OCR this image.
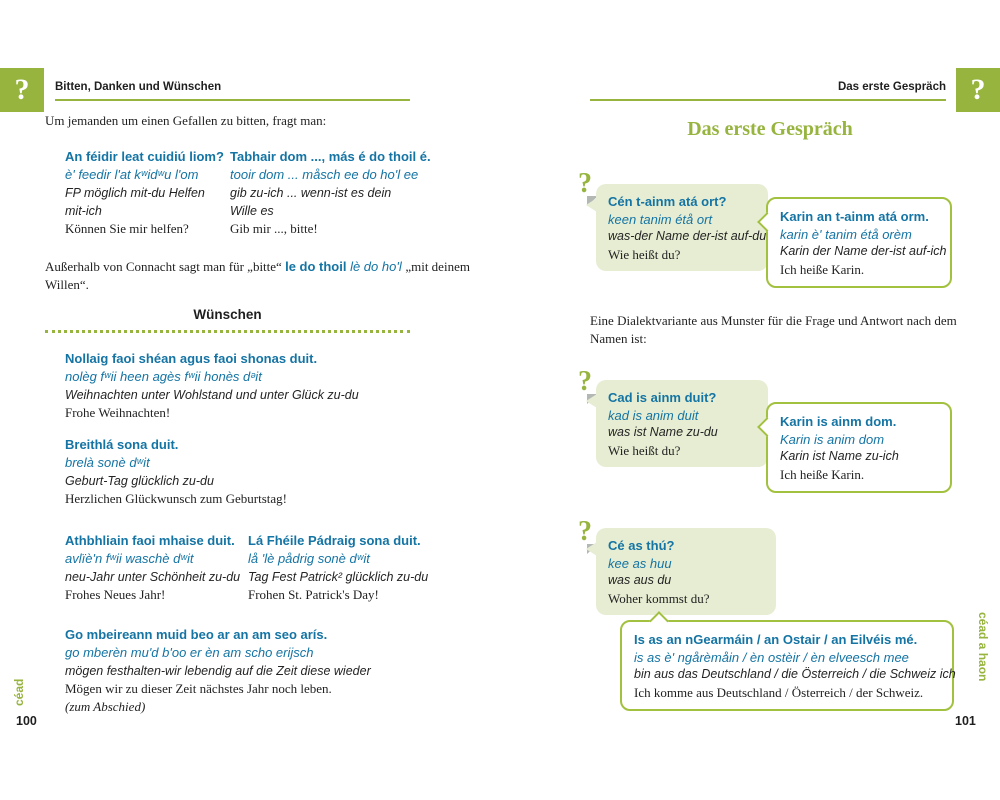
? Bitten, Danken und Wünschen
Um jemanden um einen Gefallen zu bitten, fragt man:
An féidir leat cuidiú liom?
è' feedir l'at kʷidʷu l'om
FP möglich mit-du Helfen
mit-ich
Können Sie mir helfen?
Tabhair dom ..., más é do thoil é.
tooir dom ... måsch ee do ho'l ee
gib zu-ich ... wenn-ist es dein
Wille es
Gib mir ..., bitte!
Außerhalb von Connacht sagt man für „bitte“ le do thoil lè do ho'l „mit deinem Willen“.
Wünschen
Nollaig faoi shéan agus faoi shonas duit.
nolèg fʷii heen agès fʷii honès dᵊit
Weihnachten unter Wohlstand und unter Glück zu-du
Frohe Weihnachten!
Breithlá sona duit.
brelà sonè dʷit
Geburt-Tag glücklich zu-du
Herzlichen Glückwunsch zum Geburtstag!
Athbhliain faoi mhaise duit.
avlïè'n fʷii waschè dʷit
neu-Jahr unter Schönheit zu-du
Frohes Neues Jahr!
Lá Fhéile Pádraig sona duit.
lå 'lè pådrig sonè dʷit
Tag Fest Patrick² glücklich zu-du
Frohen St. Patrick's Day!
Go mbeireann muid beo ar an am seo arís.
go mberèn mu'd b'oo er èn am scho erijsch
mögen festhalten-wir lebendig auf die Zeit diese wieder
Mögen wir zu dieser Zeit nächstes Jahr noch leben.
(zum Abschied)
céad
100
?
Das erste Gespräch
Das erste Gespräch
?
Cén t-ainm atá ort?
keen tanim étå ort
was-der Name der-ist auf-du
Wie heißt du?
Karin an t-ainm atá orm.
karin è' tanim étå orèm
Karin der Name der-ist auf-ich
Ich heiße Karin.
Eine Dialektvariante aus Munster für die Frage und Antwort nach dem Namen ist:
?
Cad is ainm duit?
kad is anim duit
was ist Name zu-du
Wie heißt du?
Karin is ainm dom.
Karin is anim dom
Karin ist Name zu-ich
Ich heiße Karin.
?	Cé as thú?
kee as huu
was aus du
Woher kommst du?
Is as an nGearmáin / an Ostair / an Eilvéis mé.
is as è' ngårèmåin / èn ostèir / èn elveesch mee
bin aus das Deutschland / die Österreich / die Schweiz ich
Ich komme aus Deutschland / Österreich / der Schweiz.
céad a haon
101
